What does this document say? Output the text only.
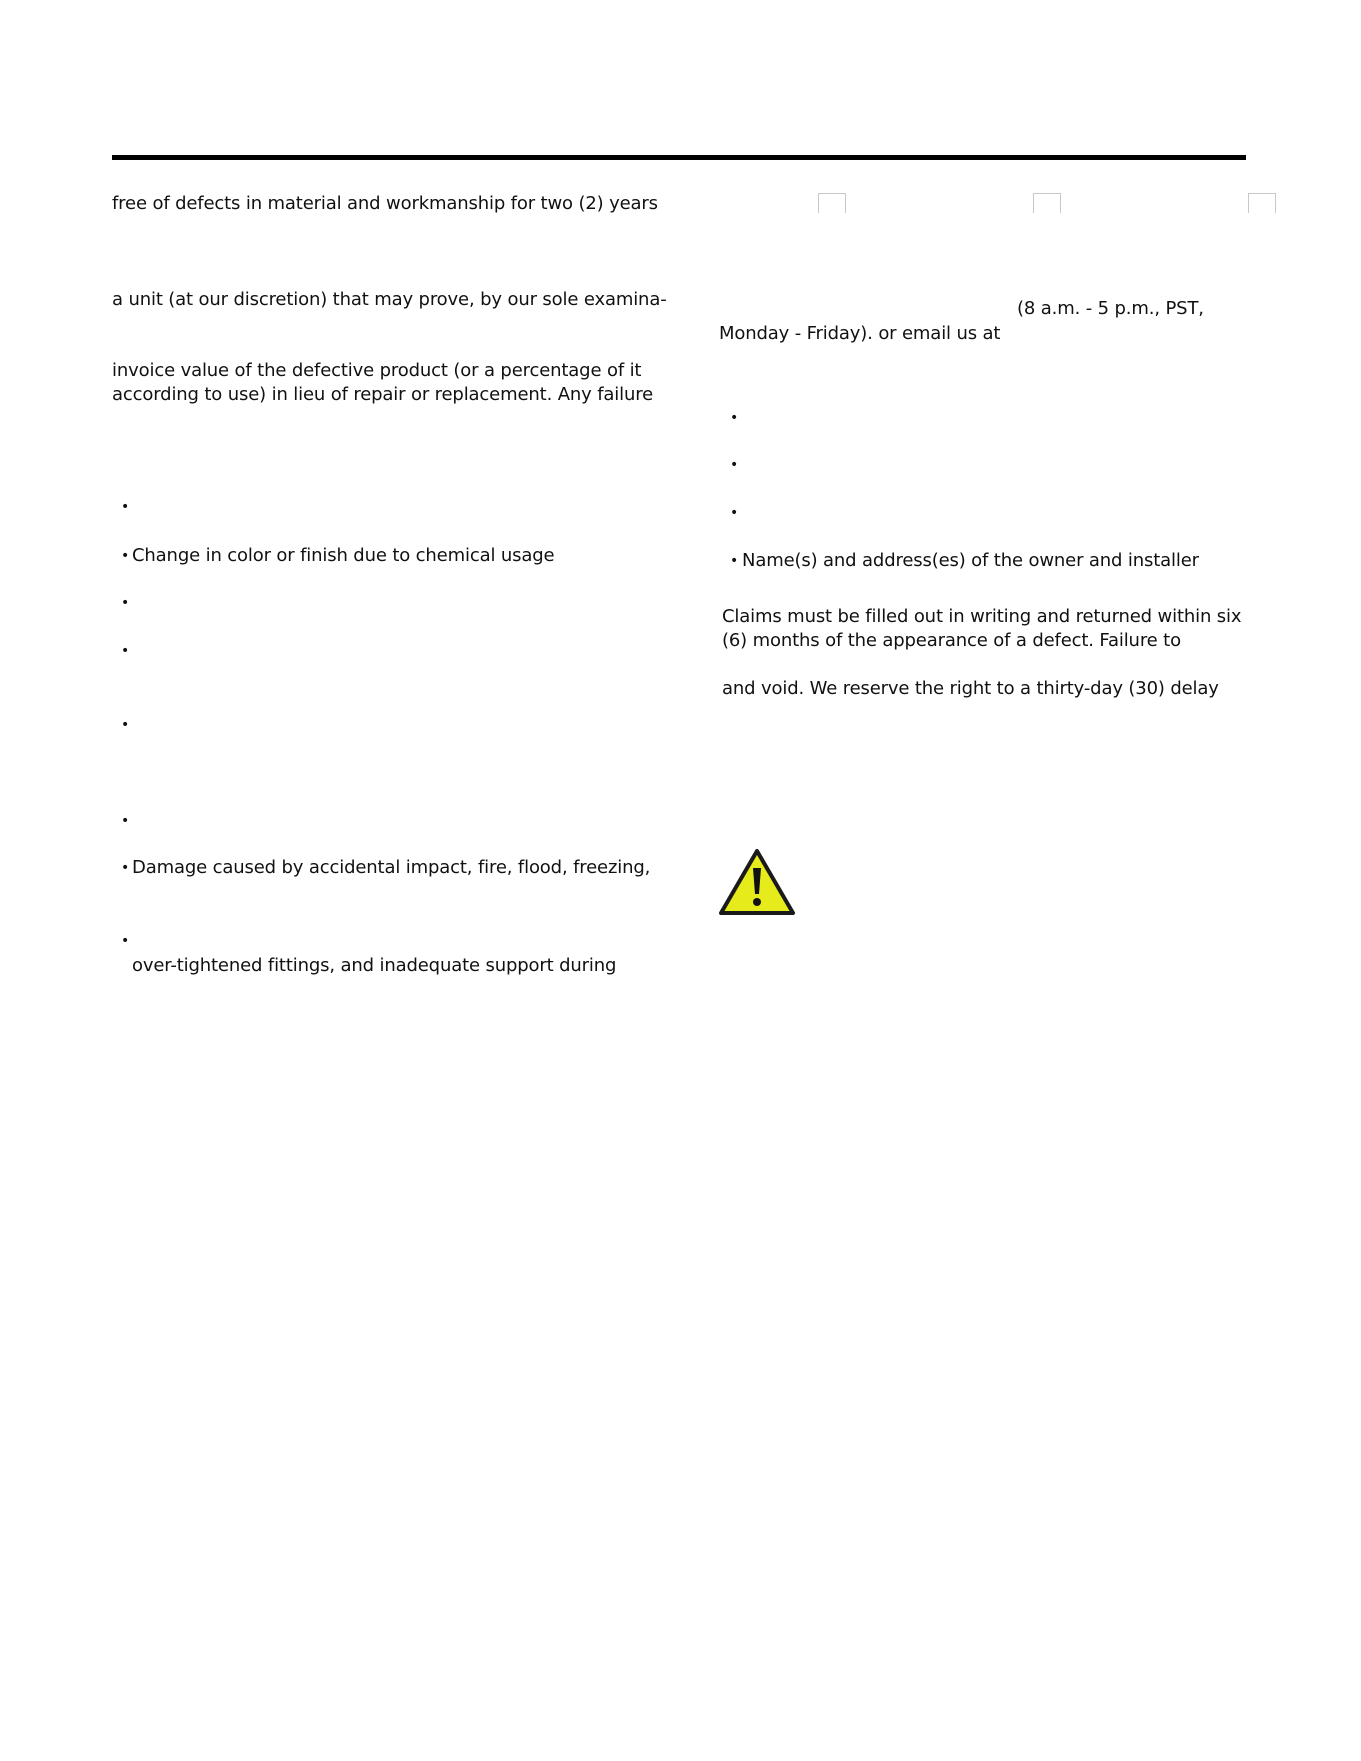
free of defects in material and workmanship for two (2) years
a unit (at our discretion) that may prove, by our sole examina-
invoice value of the defective product (or a percentage of it
according to use) in lieu of repair or replacement. Any failure
•
• Change in color or finish due to chemical usage
•
•
•
•
• Damage caused by accidental impact, fire, flood, freezing,
•
over-tightened fittings, and inadequate support during
(8 a.m. - 5 p.m., PST,
Monday - Friday). or email us at
•
•
•
• Name(s) and address(es) of the owner and installer
Claims must be filled out in writing and returned within six
(6) months of the appearance of a defect. Failure to
and void. We reserve the right to a thirty-day (30) delay
